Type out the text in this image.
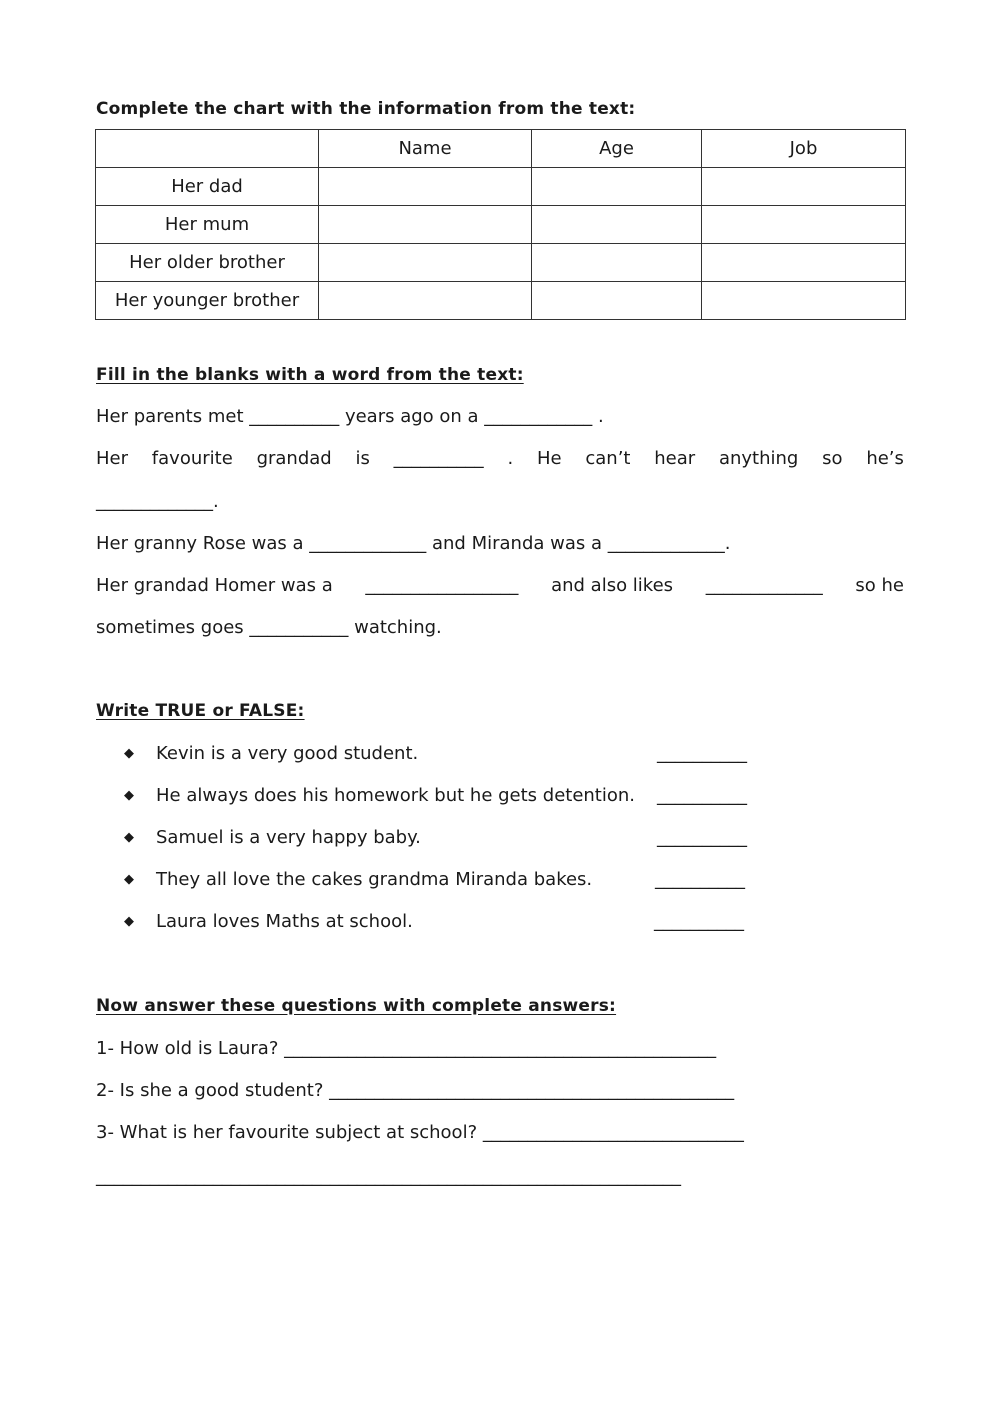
Complete the chart with the information from the text:
	Name	Age	Job
Her dad			
Her mum			
Her older brother			
Her younger brother			
Fill in the blanks with a word from the text:

Her parents met __________ years ago on a ____________ .

Her favourite grandad is __________ . He can’t hear anything so he’s

_____________.

Her granny Rose was a _____________ and Miranda was a _____________.

Her grandad Homer was a _________________ and also likes _____________ so he

sometimes goes ___________ watching.

Write TRUE or FALSE:
◆	Kevin is a very good student.	__________
◆	He always does his homework but he gets detention. __________
◆	Samuel is a very happy baby.	__________
◆	They all love the cakes grandma Miranda bakes.	__________
◆	Laura loves Maths at school.	__________
Now answer these questions with complete answers:

1- How old is Laura? ________________________________________________

2- Is she a good student? _____________________________________________

3- What is her favourite subject at school? _____________________________

_________________________________________________________________
